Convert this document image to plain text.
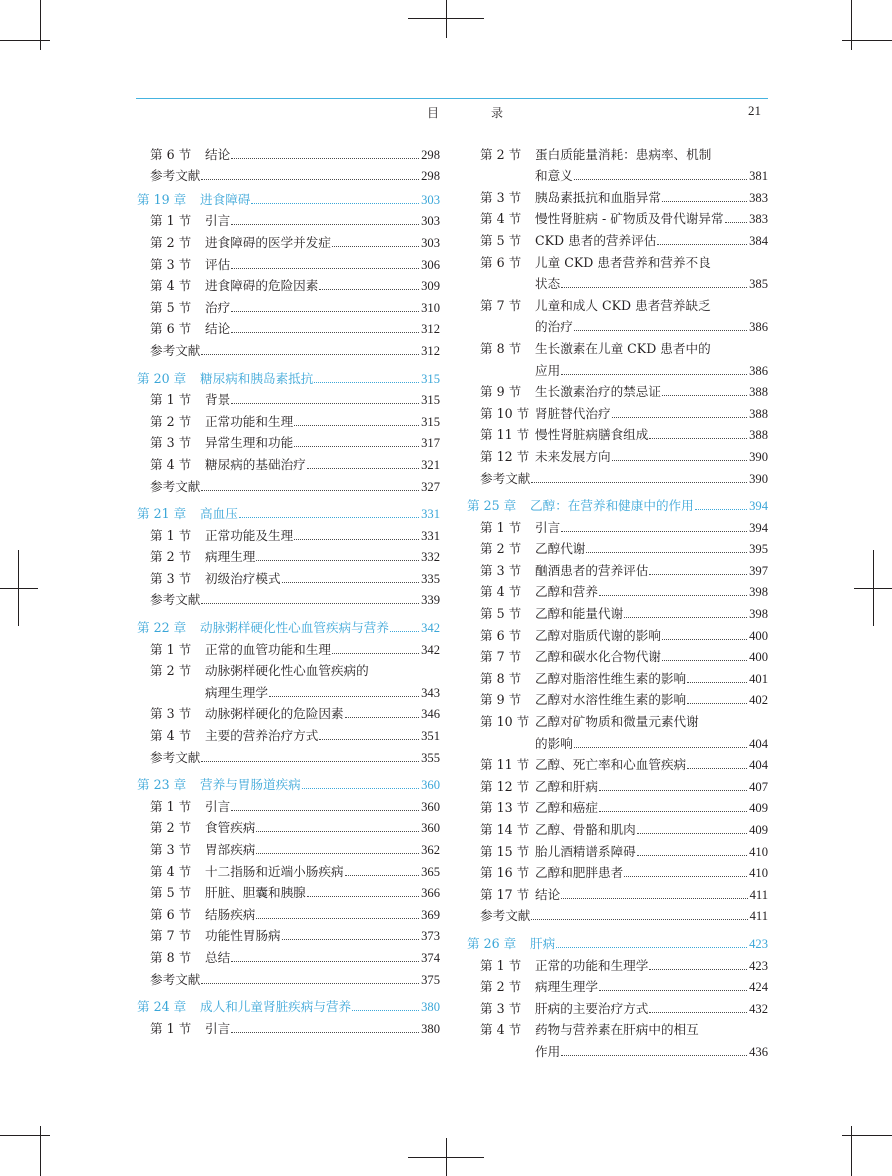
目　录	21
第 6 节	结论	298
参考文献	298
第 19 章	进食障碍	303
第 1 节	引言	303
第 2 节	进食障碍的医学并发症	303
第 3 节	评估	306
第 4 节	进食障碍的危险因素	309
第 5 节	治疗	310
第 6 节	结论	312
参考文献	312
第 20 章	糖尿病和胰岛素抵抗	315
第 1 节	背景	315
第 2 节	正常功能和生理	315
第 3 节	异常生理和功能	317
第 4 节	糖尿病的基础治疗	321
参考文献	327
第 21 章	高血压	331
第 1 节	正常功能及生理	331
第 2 节	病理生理	332
第 3 节	初级治疗模式	335
参考文献	339
第 22 章	动脉粥样硬化性心血管疾病与营养	342
第 1 节	正常的血管功能和生理	342
第 2 节	动脉粥样硬化性心血管疾病的
病理生理学	343
第 3 节	动脉粥样硬化的危险因素	346
第 4 节	主要的营养治疗方式	351
参考文献	355
第 23 章	营养与胃肠道疾病	360
第 1 节	引言	360
第 2 节	食管疾病	360
第 3 节	胃部疾病	362
第 4 节	十二指肠和近端小肠疾病	365
第 5 节	肝脏、胆囊和胰腺	366
第 6 节	结肠疾病	369
第 7 节	功能性胃肠病	373
第 8 节	总结	374
参考文献	375
第 24 章	成人和儿童肾脏疾病与营养	380
第 1 节	引言	380
第 2 节	蛋白质能量消耗：患病率、机制
和意义	381
第 3 节	胰岛素抵抗和血脂异常	383
第 4 节	慢性肾脏病 - 矿物质及骨代谢异常 383
第 5 节	CKD 患者的营养评估	384
第 6 节	儿童 CKD 患者营养和营养不良
状态	385
第 7 节	儿童和成人 CKD 患者营养缺乏
的治疗	386
第 8 节	生长激素在儿童 CKD 患者中的
应用	386
第 9 节	生长激素治疗的禁忌证	388
第 10 节 肾脏替代治疗	388
第 11 节 慢性肾脏病膳食组成	388
第 12 节 未来发展方向	390
参考文献	390
第 25 章	乙醇：在营养和健康中的作用	394
第 1 节	引言	394
第 2 节	乙醇代谢	395
第 3 节	酗酒患者的营养评估	397
第 4 节	乙醇和营养	398
第 5 节	乙醇和能量代谢	398
第 6 节	乙醇对脂质代谢的影响	400
第 7 节	乙醇和碳水化合物代谢	400
第 8 节	乙醇对脂溶性维生素的影响	401
第 9 节	乙醇对水溶性维生素的影响	402
第 10 节 乙醇对矿物质和微量元素代谢
的影响	404
第 11 节 乙醇、死亡率和心血管疾病	404
第 12 节 乙醇和肝病	407
第 13 节 乙醇和癌症	409
第 14 节 乙醇、骨骼和肌肉	409
第 15 节 胎儿酒精谱系障碍	410
第 16 节 乙醇和肥胖患者	410
第 17 节 结论	411
参考文献	411
第 26 章	肝病	423
第 1 节	正常的功能和生理学	423
第 2 节	病理生理学	424
第 3 节	肝病的主要治疗方式	432
第 4 节	药物与营养素在肝病中的相互
作用	436
